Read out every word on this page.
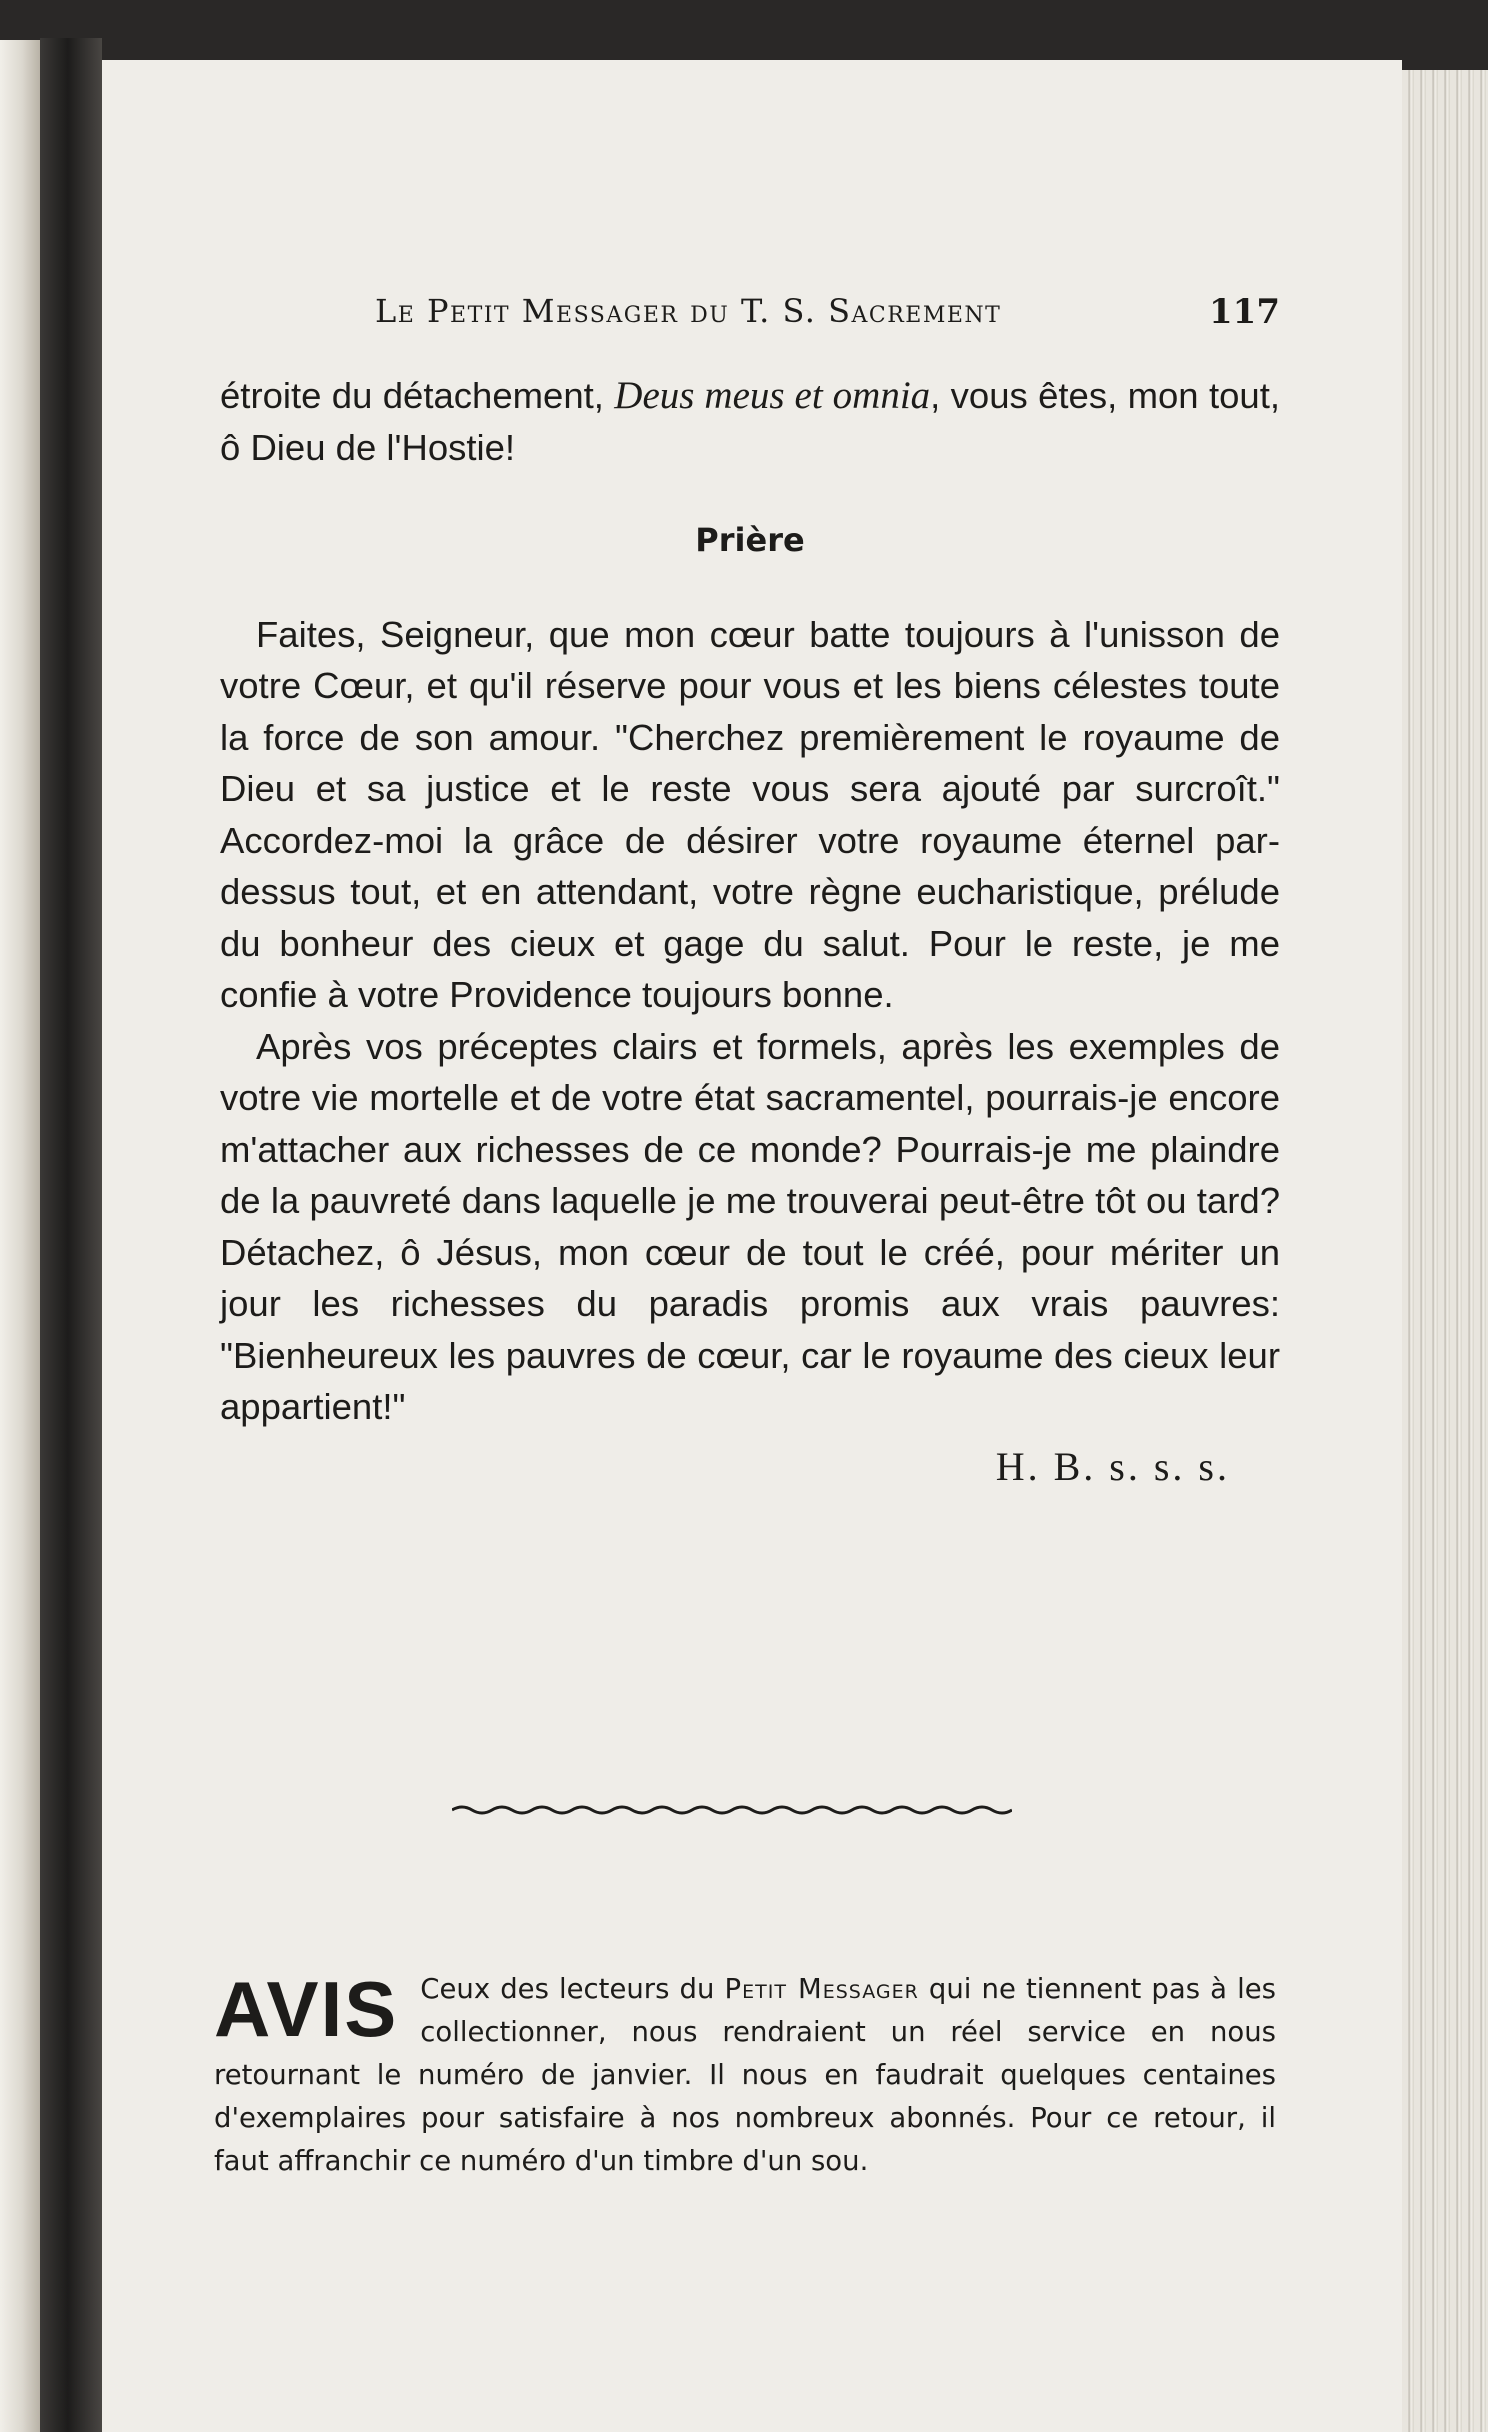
Le Petit Messager du T. S. Sacrement	117

étroite du détachement, Deus meus et omnia, vous êtes, mon tout, ô Dieu de l'Hostie!

Prière

Faites, Seigneur, que mon cœur batte toujours à l'unisson de votre Cœur, et qu'il réserve pour vous et les biens célestes toute la force de son amour. "Cherchez premièrement le royaume de Dieu et sa justice et le reste vous sera ajouté par surcroît." Accordez-moi la grâce de désirer votre royaume éternel par-dessus tout, et en attendant, votre règne eucharistique, prélude du bonheur des cieux et gage du salut. Pour le reste, je me confie à votre Providence toujours bonne.

Après vos préceptes clairs et formels, après les exemples de votre vie mortelle et de votre état sacramentel, pourrais-je encore m'attacher aux richesses de ce monde? Pourrais-je me plaindre de la pauvreté dans laquelle je me trouverai peut-être tôt ou tard? Détachez, ô Jésus, mon cœur de tout le créé, pour mériter un jour les richesses du paradis promis aux vrais pauvres: "Bienheureux les pauvres de cœur, car le royaume des cieux leur appartient!"

H. B. s. s. s.
AVIS Ceux des lecteurs du Petit Messager qui ne tiennent pas à les collectionner, nous rendraient un réel service en nous retournant le numéro de janvier. Il nous en faudrait quelques centaines d'exemplaires pour satisfaire à nos nombreux abonnés. Pour ce retour, il faut affranchir ce numéro d'un timbre d'un sou.
